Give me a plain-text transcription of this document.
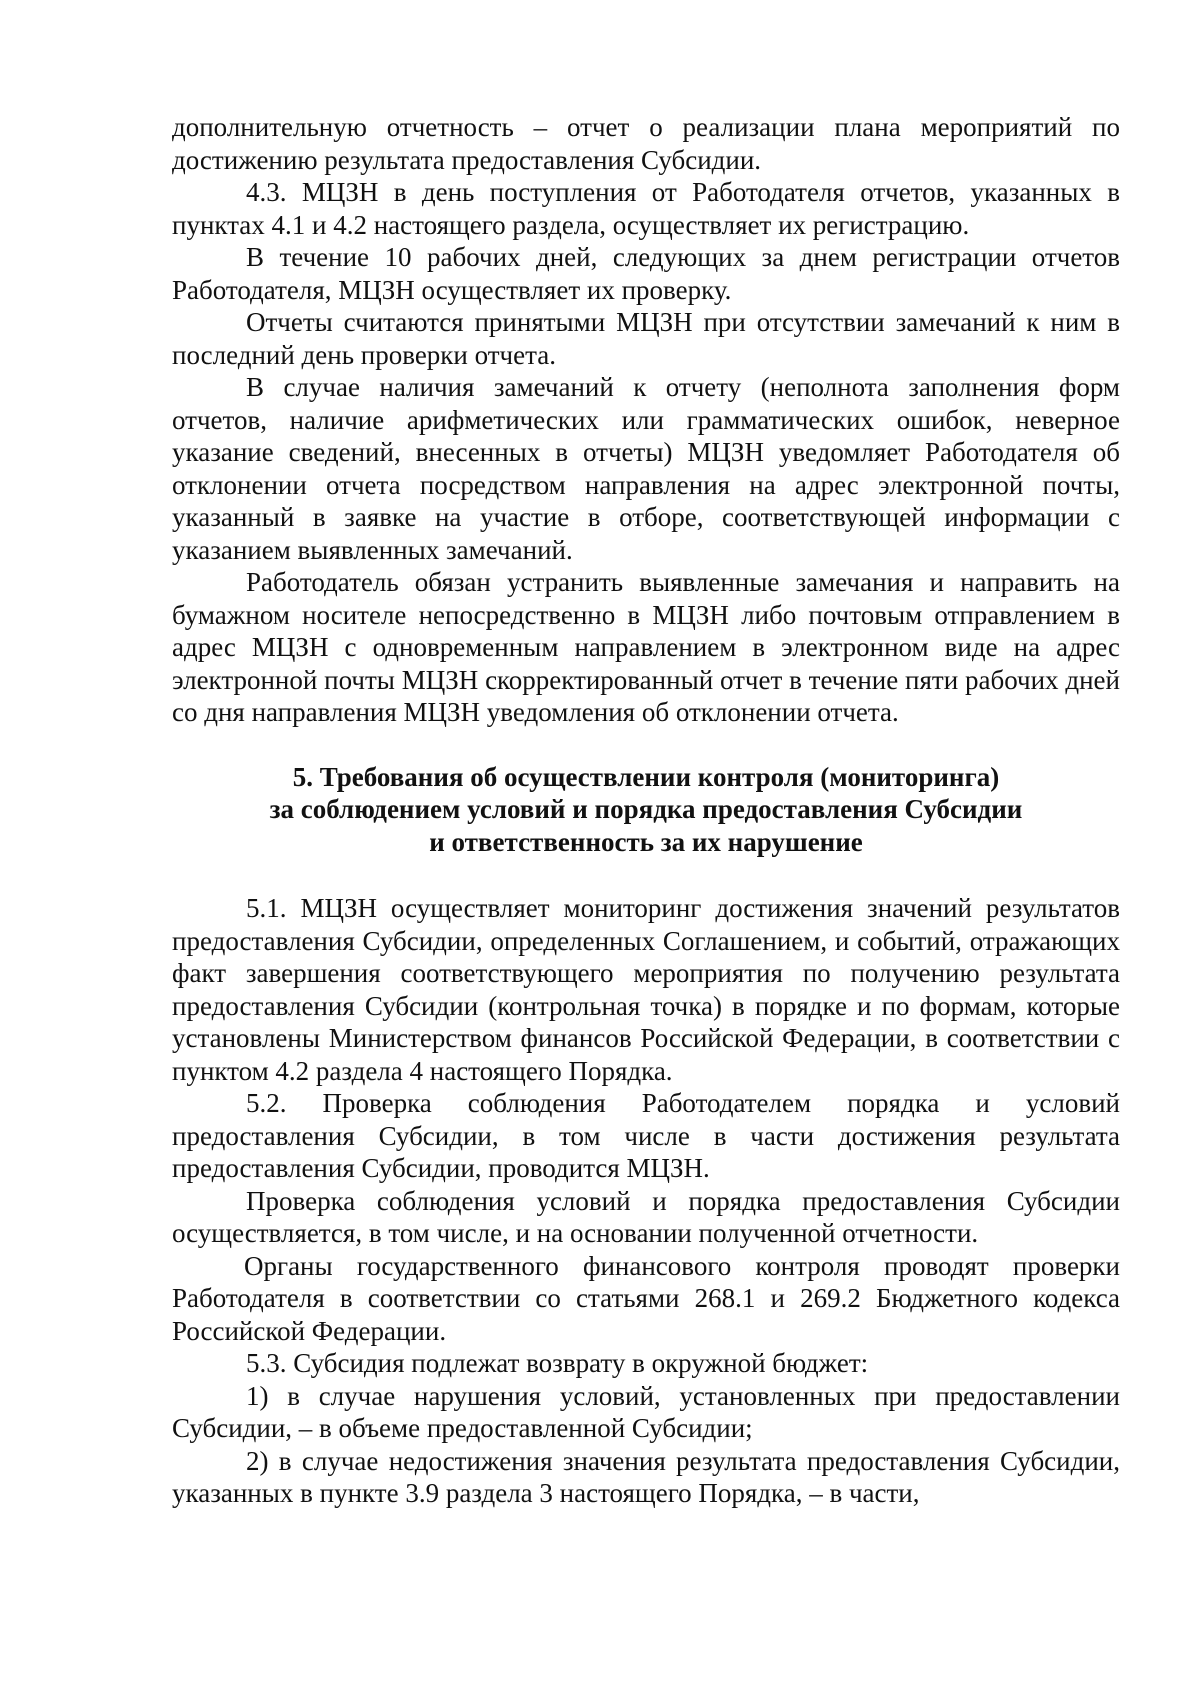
дополнительную отчетность – отчет о реализации плана мероприятий по достижению результата предоставления Субсидии.

4.3. МЦЗН в день поступления от Работодателя отчетов, указанных в пунктах 4.1 и 4.2 настоящего раздела, осуществляет их регистрацию.

В течение 10 рабочих дней, следующих за днем регистрации отчетов Работодателя, МЦЗН осуществляет их проверку.

Отчеты считаются принятыми МЦЗН при отсутствии замечаний к ним в последний день проверки отчета.

В случае наличия замечаний к отчету (неполнота заполнения форм отчетов, наличие арифметических или грамматических ошибок, неверное указание сведений, внесенных в отчеты) МЦЗН уведомляет Работодателя об отклонении отчета посредством направления на адрес электронной почты, указанный в заявке на участие в отборе, соответствующей информации с указанием выявленных замечаний.

Работодатель обязан устранить выявленные замечания и направить на бумажном носителе непосредственно в МЦЗН либо почтовым отправлением в адрес МЦЗН с одновременным направлением в электронном виде на адрес электронной почты МЦЗН скорректированный отчет в течение пяти рабочих дней со дня направления МЦЗН уведомления об отклонении отчета.

5. Требования об осуществлении контроля (мониторинга)
за соблюдением условий и порядка предоставления Субсидии
и ответственность за их нарушение

5.1. МЦЗН осуществляет мониторинг достижения значений результатов предоставления Субсидии, определенных Соглашением, и событий, отражающих факт завершения соответствующего мероприятия по получению результата предоставления Субсидии (контрольная точка) в порядке и по формам, которые установлены Министерством финансов Российской Федерации, в соответствии с пунктом 4.2 раздела 4 настоящего Порядка.

5.2. Проверка соблюдения Работодателем порядка и условий предоставления Субсидии, в том числе в части достижения результата предоставления Субсидии, проводится МЦЗН.

Проверка соблюдения условий и порядка предоставления Субсидии осуществляется, в том числе, и на основании полученной отчетности.

Органы государственного финансового контроля проводят проверки Работодателя в соответствии со статьями 268.1 и 269.2 Бюджетного кодекса Российской Федерации.

5.3. Субсидия подлежат возврату в окружной бюджет:

1) в случае нарушения условий, установленных при предоставлении Субсидии, – в объеме предоставленной Субсидии;

2) в случае недостижения значения результата предоставления Субсидии, указанных в пункте 3.9 раздела 3 настоящего Порядка, – в части,
